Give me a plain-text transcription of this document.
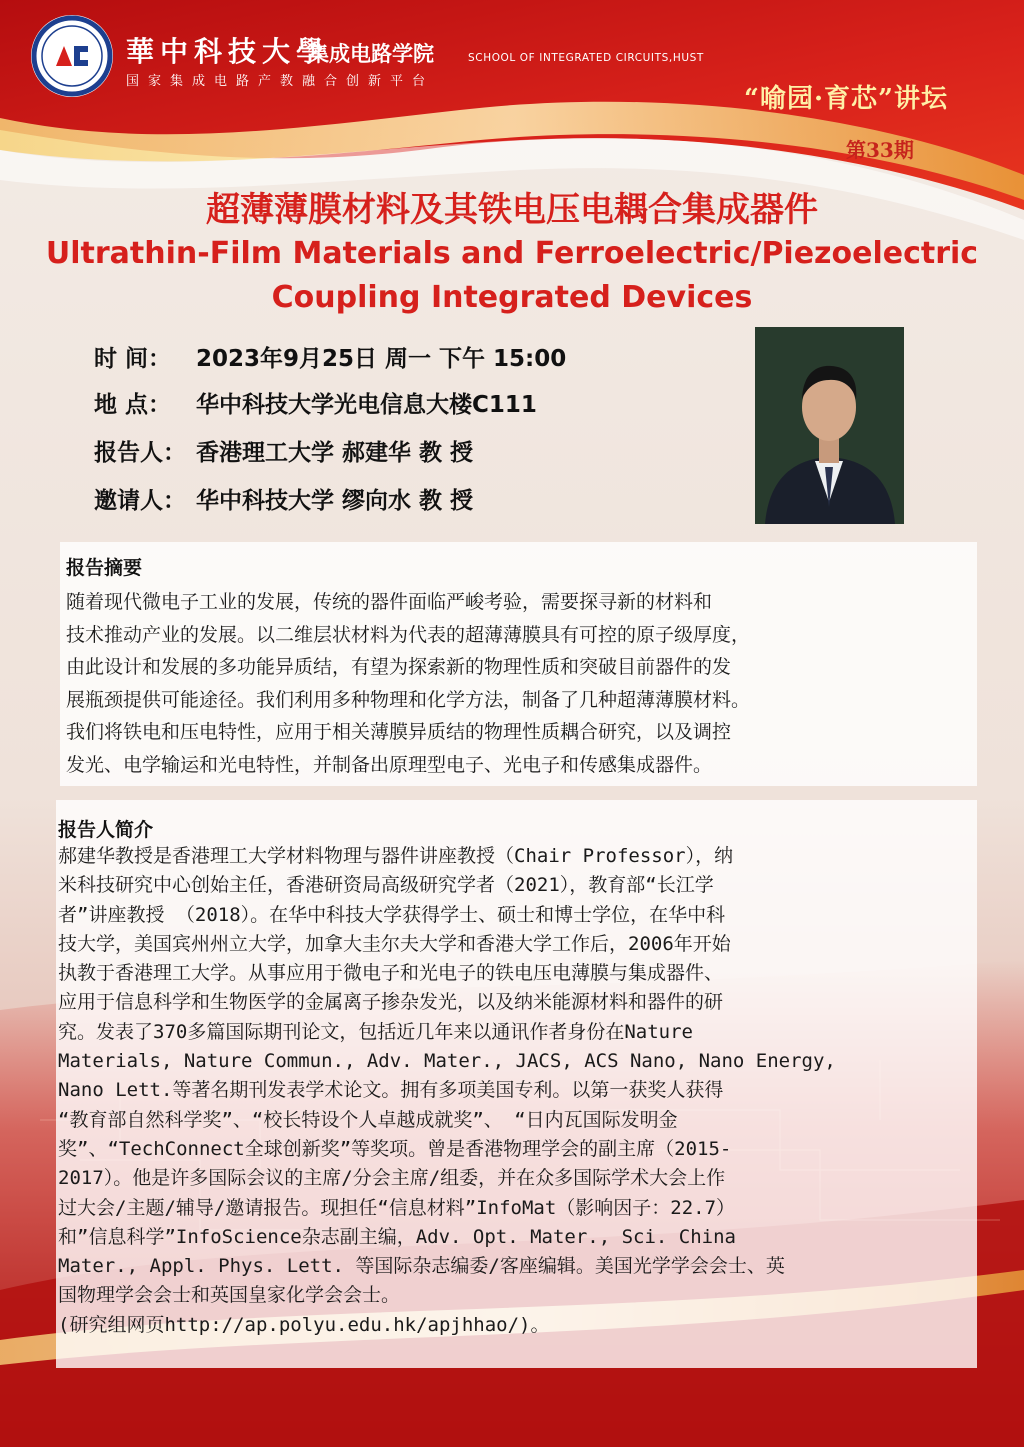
華中科技大學
集成电路学院
国家集成电路产教融合创新平台
SCHOOL OF INTEGRATED CIRCUITS,HUST
“喻园·育芯”讲坛
第33期
超薄薄膜材料及其铁电压电耦合集成器件
Ultrathin-Film Materials and Ferroelectric/Piezoelectric
Coupling Integrated Devices
时 间： 2023年9月25日 周一 下午 15:00
地 点： 华中科技大学光电信息大楼C111
报告人： 香港理工大学 郝建华 教 授
邀请人： 华中科技大学 缪向水 教 授
报告摘要
随着现代微电子工业的发展，传统的器件面临严峻考验，需要探寻新的材料和
技术推动产业的发展。以二维层状材料为代表的超薄薄膜具有可控的原子级厚度，
由此设计和发展的多功能异质结，有望为探索新的物理性质和突破目前器件的发
展瓶颈提供可能途径。我们利用多种物理和化学方法，制备了几种超薄薄膜材料。
我们将铁电和压电特性，应用于相关薄膜异质结的物理性质耦合研究，以及调控
发光、电学输运和光电特性，并制备出原理型电子、光电子和传感集成器件。
报告人简介
郝建华教授是香港理工大学材料物理与器件讲座教授（Chair Professor），纳
米科技研究中心创始主任，香港研资局高级研究学者（2021），教育部“长江学
者”讲座教授 （2018）。在华中科技大学获得学士、硕士和博士学位，在华中科
技大学，美国宾州州立大学，加拿大圭尔夫大学和香港大学工作后，2006年开始
执教于香港理工大学。从事应用于微电子和光电子的铁电压电薄膜与集成器件、
应用于信息科学和生物医学的金属离子掺杂发光，以及纳米能源材料和器件的研
究。发表了370多篇国际期刊论文，包括近几年来以通讯作者身份在Nature
Materials, Nature Commun., Adv. Mater., JACS, ACS Nano, Nano Energy,
Nano Lett.等著名期刊发表学术论文。拥有多项美国专利。以第一获奖人获得
“教育部自然科学奖”、“校长特设个人卓越成就奖”、 “日内瓦国际发明金
奖”、“TechConnect全球创新奖”等奖项。曾是香港物理学会的副主席（2015-
2017）。他是许多国际会议的主席/分会主席/组委，并在众多国际学术大会上作
过大会/主题/辅导/邀请报告。现担任“信息材料”InfoMat（影响因子：22.7）
和”信息科学”InfoScience杂志副主编，Adv. Opt. Mater., Sci. China
Mater., Appl. Phys. Lett. 等国际杂志编委/客座编辑。美国光学学会会士、英
国物理学会会士和英国皇家化学会会士。
(研究组网页http://ap.polyu.edu.hk/apjhhao/)。
